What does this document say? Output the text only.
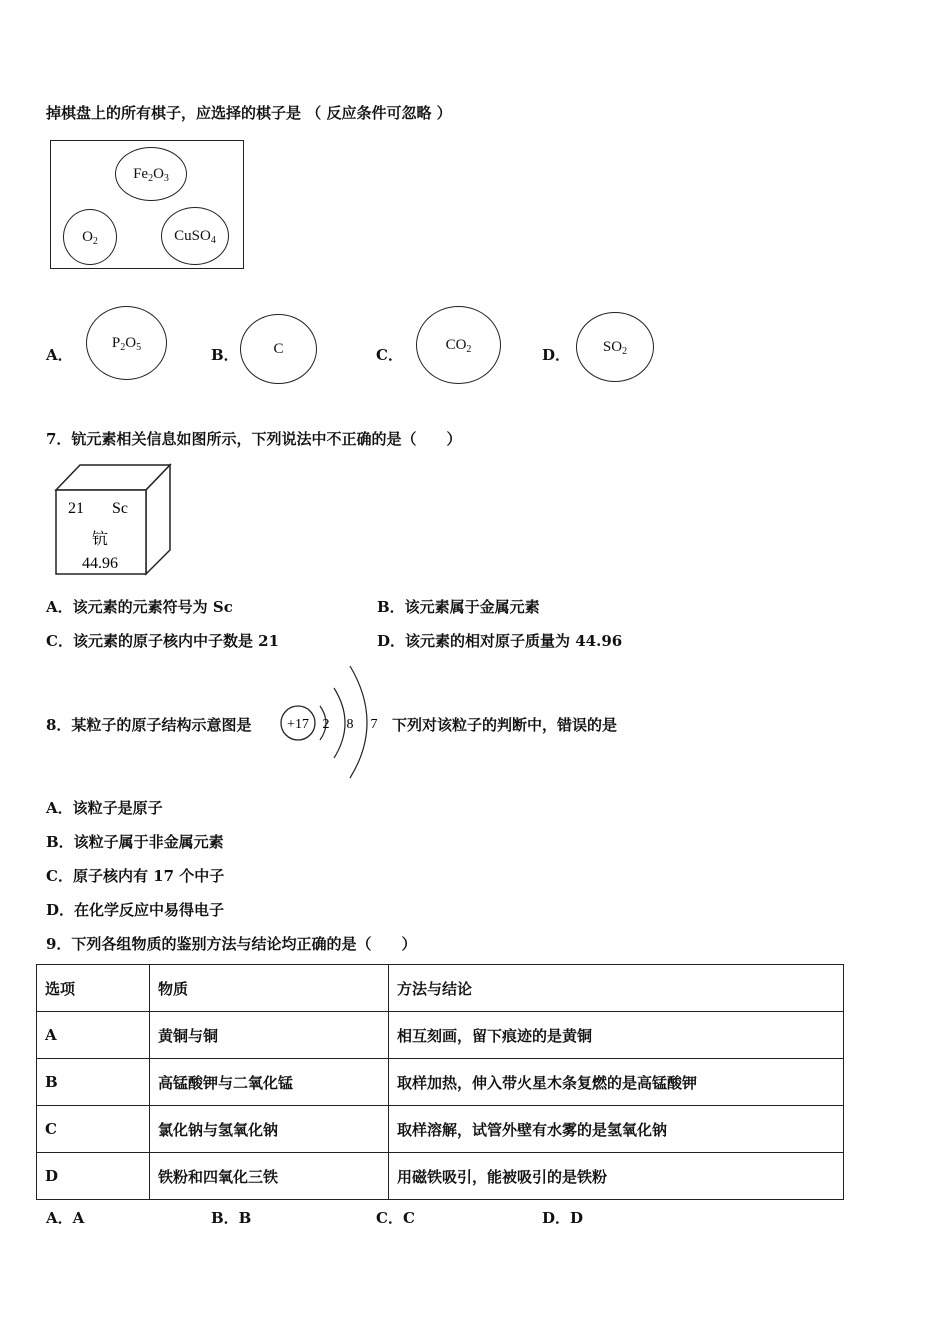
掉棋盘上的所有棋子，应选择的棋子是 （ 反应条件可忽略 ）
Fe 2 O 3
O 2	Cu SO 4
A．
P 2 O 5	B． C	C．
CO 2	D． SO 2
7．钪元素相关信息如图所示，下列说法中不正确的是（　　）
21 Sc
钪
44.96
A．该元素的元素符号为 Sc	B．该元素属于金属元素
C．该元素的原子核内中子数是 21	D．该元素的相对原子质量为 44.96
8．某粒子的原子结构示意图是	+17 2 8 7 下列对该粒子的判断中，错误的是
A．该粒子是原子
B．该粒子属于非金属元素
C．原子核内有 17 个中子
D．在化学反应中易得电子
9．下列各组物质的鉴别方法与结论均正确的是（　　）
选项	物质	方法与结论
A	黄铜与铜	相互刻画，留下痕迹的是黄铜
B	高锰酸钾与二氧化锰	取样加热，伸入带火星木条复燃的是高锰酸钾
C	氯化钠与氢氧化钠	取样溶解，试管外壁有水雾的是氢氧化钠
D	铁粉和四氧化三铁	用磁铁吸引，能被吸引的是铁粉
A．A	B．B	C．C	D．D
